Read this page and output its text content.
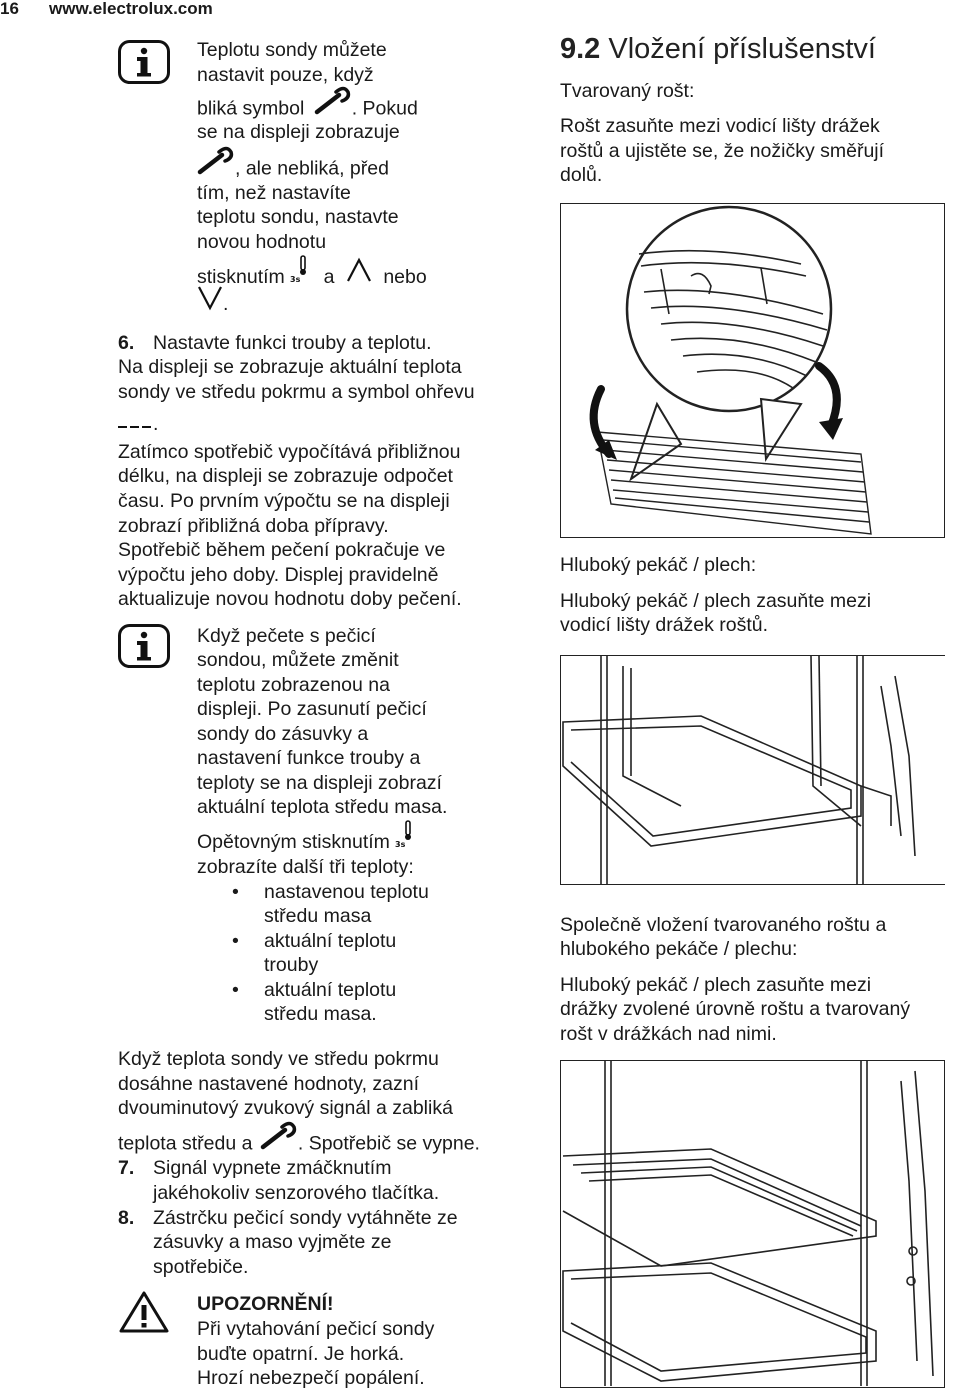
16 www.electrolux.com
Teplotu sondy můžete
nastavit pouze, když
bliká symbol . Pokud
se na displeji zobrazuje
, ale nebliká, před
tím, než nastavíte
teplotu sondu, nastavte
novou hodnotu
stisknutím 3s a	nebo
.
6. Nastavte funkci trouby a teplotu.
Na displeji se zobrazuje aktuální teplota
sondy ve středu pokrmu a symbol ohřevu
.
Zatímco spotřebič vypočítává přibližnou
délku, na displeji se zobrazuje odpočet
času. Po prvním výpočtu se na displeji
zobrazí přibližná doba přípravy.
Spotřebič během pečení pokračuje ve
výpočtu jeho doby. Displej pravidelně
aktualizuje novou hodnotu doby pečení.
Když pečete s pečicí
sondou, můžete změnit
teplotu zobrazenou na
displeji. Po zasunutí pečicí
sondy do zásuvky a
nastavení funkce trouby a
teploty se na displeji zobrazí
aktuální teplota středu masa.
Opětovným stisknutím 3s
zobrazíte další tři teploty:
• nastavenou teplotu
středu masa
• aktuální teplotu
trouby
• aktuální teplotu
středu masa.
Když teplota sondy ve středu pokrmu
dosáhne nastavené hodnoty, zazní
dvouminutový zvukový signál a zabliká
teplota středu a . Spotřebič se vypne.
7. Signál vypnete zmáčknutím
jakéhokoliv senzorového tlačítka.
8. Zástrčku pečicí sondy vytáhněte ze
zásuvky a maso vyjměte ze
spotřebiče.
UPOZORNĚNÍ!
Při vytahování pečicí sondy
buďte opatrní. Je horká.
Hrozí nebezpečí popálení.
9.2 Vložení příslušenství
Tvarovaný rošt:
Rošt zasuňte mezi vodicí lišty drážek
roštů a ujistěte se, že nožičky směřují
dolů.
Hluboký pekáč / plech:
Hluboký pekáč / plech zasuňte mezi
vodicí lišty drážek roštů.
Společně vložení tvarovaného roštu a
hlubokého pekáče / plechu:
Hluboký pekáč / plech zasuňte mezi
drážky zvolené úrovně roštu a tvarovaný
rošt v drážkách nad nimi.
